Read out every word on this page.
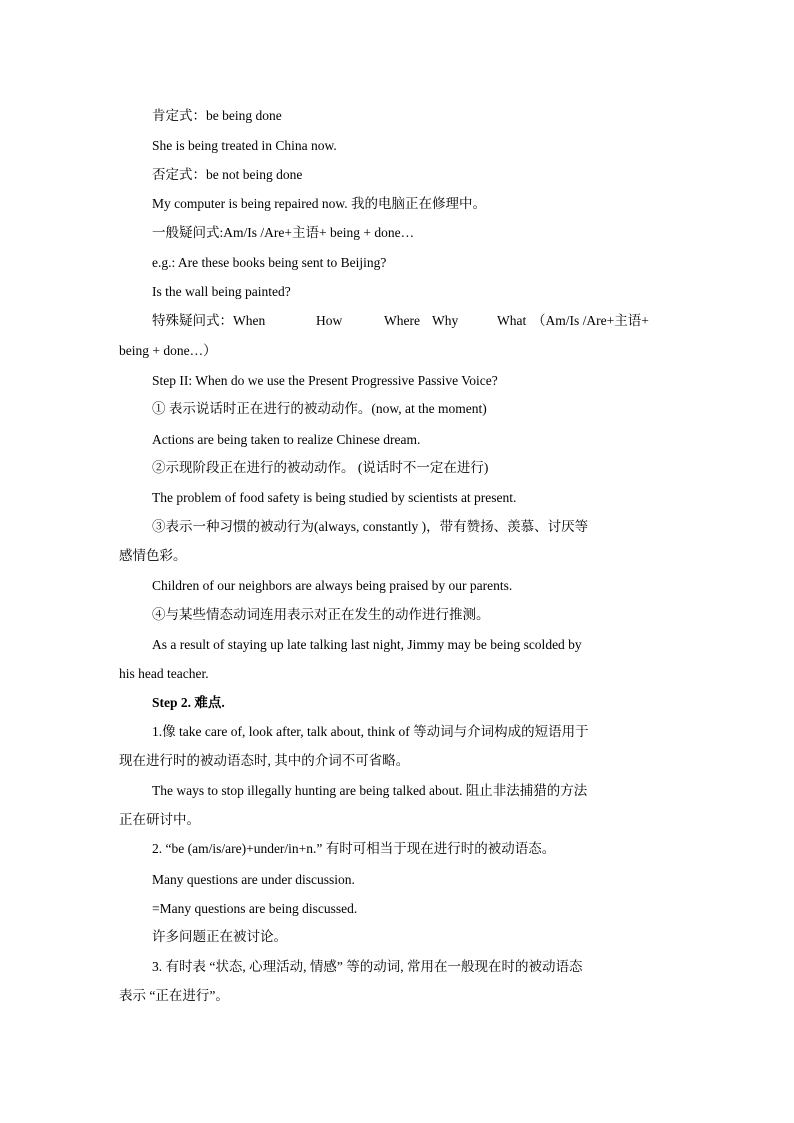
肯定式：be being done
She is being treated in China now.
否定式：be not being done
My computer is being repaired now. 我的电脑正在修理中。
一般疑问式:Am/Is /Are+主语+ being + done…
e.g.: Are these books being sent to Beijing?
Is the wall being painted?
特殊疑问式：When	How	Where Why	What （Am/Is /Are+主语+
being + done…）
Step II: When do we use the Present Progressive Passive Voice?
① 表示说话时正在进行的被动动作。(now, at the moment)
Actions are being taken to realize Chinese dream.
②示现阶段正在进行的被动动作。 (说话时不一定在进行)
The problem of food safety is being studied by scientists at present.
③表示一种习惯的被动行为(always, constantly )，带有赞扬、羡慕、讨厌等
感情色彩。
Children of our neighbors are always being praised by our parents.
④与某些情态动词连用表示对正在发生的动作进行推测。
As a result of staying up late talking last night, Jimmy may be being scolded by
his head teacher.
Step 2. 难点.
1.像 take care of, look after, talk about, think of 等动词与介词构成的短语用于
现在进行时的被动语态时, 其中的介词不可省略。
The ways to stop illegally hunting are being talked about. 阻止非法捕猎的方法
正在研讨中。
2. “be (am/is/are)+under/in+n.” 有时可相当于现在进行时的被动语态。
Many questions are under discussion.
=Many questions are being discussed.
许多问题正在被讨论。
3. 有时表 “状态, 心理活动, 情感” 等的动词, 常用在一般现在时的被动语态
表示 “正在进行”。
